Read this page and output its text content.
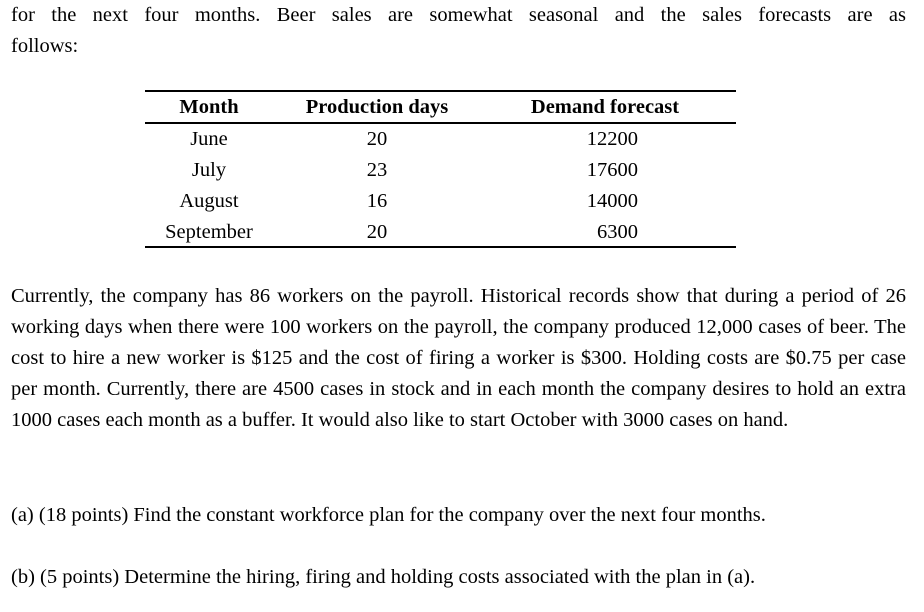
for the next four months. Beer sales are somewhat seasonal and the sales forecasts are as
follows:

Month	Production days	Demand forecast
June	20	12200
July	23	17600
August	16	14000
September	20	6300

Currently, the company has 86 workers on the payroll. Historical records show that during a period of 26 working days when there were 100 workers on the payroll, the company produced 12,000 cases of beer. The cost to hire a new worker is $125 and the cost of firing a worker is $300. Holding costs are $0.75 per case per month. Currently, there are 4500 cases in stock and in each month the company desires to hold an extra 1000 cases each month as a buffer. It would also like to start October with 3000 cases on hand.

(a) (18 points) Find the constant workforce plan for the company over the next four months.

(b) (5 points) Determine the hiring, firing and holding costs associated with the plan in (a).
